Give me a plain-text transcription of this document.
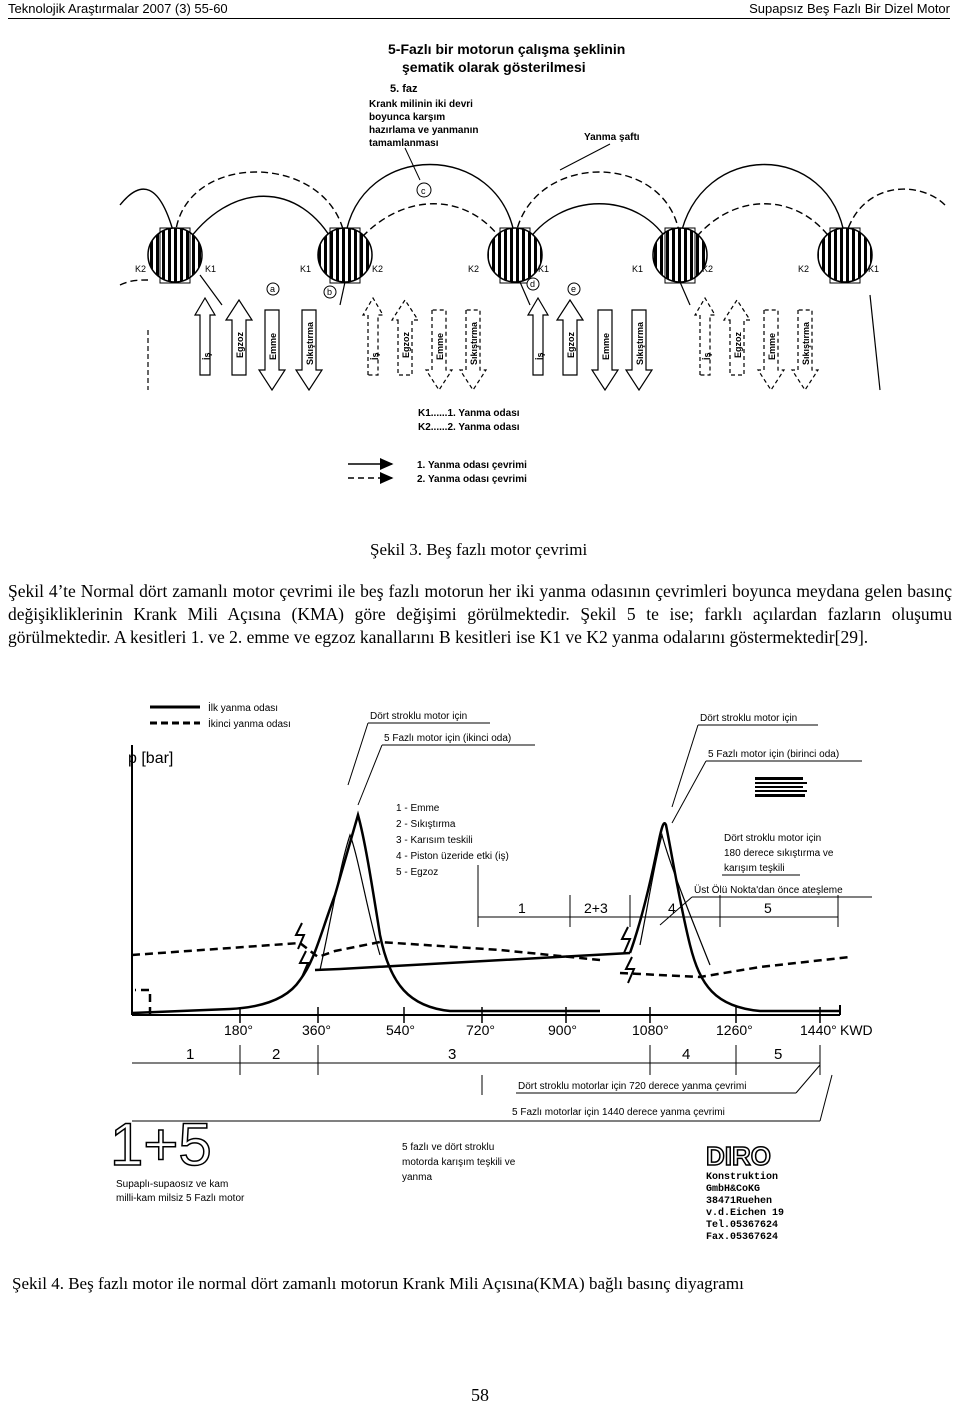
Teknolojik Araştırmalar 2007 (3) 55-60	Supapsız Beş Fazlı Bir Dizel Motor
5-Fazlı bir motorun çalışma şeklinin
şematik olarak gösterilmesi
5. faz
Krank milinin iki devri
boyunca karşım
hazırlama ve yanmanın
tamamlanması
Yanma şaftı
c
K2	K1	K1	K2	K2	K1	K1	K2	K2	K1
a	b
d	e
İş	Egzoz	Emme	Sıkıştırma	İş Egzoz	Emme	Sıkıştırma	İş Egzoz	Emme	Sıkıştırma	İş Egzoz	Emme	Sıkıştırma
K1......1. Yanma odası
K2......2. Yanma odası
1. Yanma odası çevrimi
2. Yanma odası çevrimi
Şekil 3. Beş fazlı motor çevrimi

Şekil 4’te Normal dört zamanlı motor çevrimi ile beş fazlı motorun her iki yanma odasının çevrimleri boyunca meydana gelen basınç değişikliklerinin Krank Mili Açısına (KMA) göre değişimi görülmektedir. Şekil 5 te ise; farklı açılardan fazların oluşumu görülmektedir. A kesitleri 1. ve 2. emme ve egzoz kanallarını B kesitleri ise K1 ve K2 yanma odalarını göstermektedir[29].

İlk yanma odası
İkinci yanma odası
p [bar]
Dört stroklu motor için
5 Fazlı motor için (ikinci oda)
Dört stroklu motor için
5 Fazlı motor için (birinci oda)
1 - Emme
2 - Sıkıştırma
3 - Karısım teskili
4 - Piston üzeride etki (iş)
5 - Egzoz
Dört stroklu motor için
180 derece sıkıştırma ve
karışım teşkili
Üst Ölü Nokta'dan önce ateşleme
1	2+3	4	5
180°	360°	540°	720°	900°	1080°	1260°	1440° KWD
1	2	3	4	5
Dört stroklu motorlar için 720 derece yanma çevrimi
5 Fazlı motorlar için 1440 derece yanma çevrimi
1+5
Supaplı-supaosız ve kam
milli-kam milsiz 5 Fazlı motor
5 fazlı ve dört stroklu
motorda karışım teşkili ve
yanma
DIRO
Konstruktion
GmbH&CoKG
38471Ruehen
v.d.Eichen 19
Tel.05367624
Fax.05367624
Şekil 4. Beş fazlı motor ile normal dört zamanlı motorun Krank Mili Açısına(KMA) bağlı basınç diyagramı
58
